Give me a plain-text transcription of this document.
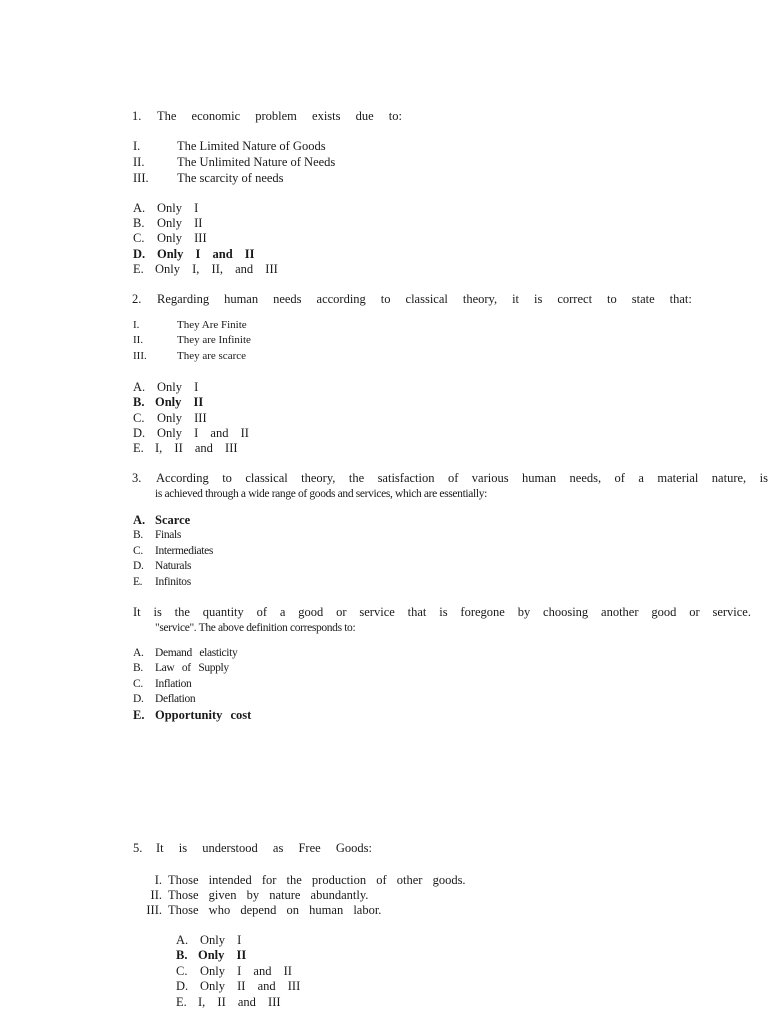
1. The economic problem exists due to:
I.	The Limited Nature of Goods
II.	The Unlimited Nature of Needs
III. The scarcity of needs
A. Only I
B. Only II
C. Only III
D. Only I and II
E. Only I, II, and III
2. Regarding human needs according to classical theory, it is correct to state that:
I.	They Are Finite
II.	They are Infinite
III.	They are scarce
A. Only I
B. Only II
C. Only III
D. Only I and II
E. I, II and III
3. According to classical theory, the satisfaction of various human needs, of a material nature, is
is achieved through a wide range of goods and services, which are essentially:
A. Scarce
B. Finals
C. Intermediates
D. Naturals
E. Infinitos
It is the quantity of a good or service that is foregone by choosing another good or service.
"service". The above definition corresponds to:
A. Demand elasticity
B. Law of Supply
C. Inflation
D. Deflation
E. Opportunity cost
5. It is understood as Free Goods:
I. Those intended for the production of other goods.
II. Those given by nature abundantly.
III. Those who depend on human labor.
A. Only I
B. Only II
C. Only I and II
D. Only II and III
E. I, II and III
